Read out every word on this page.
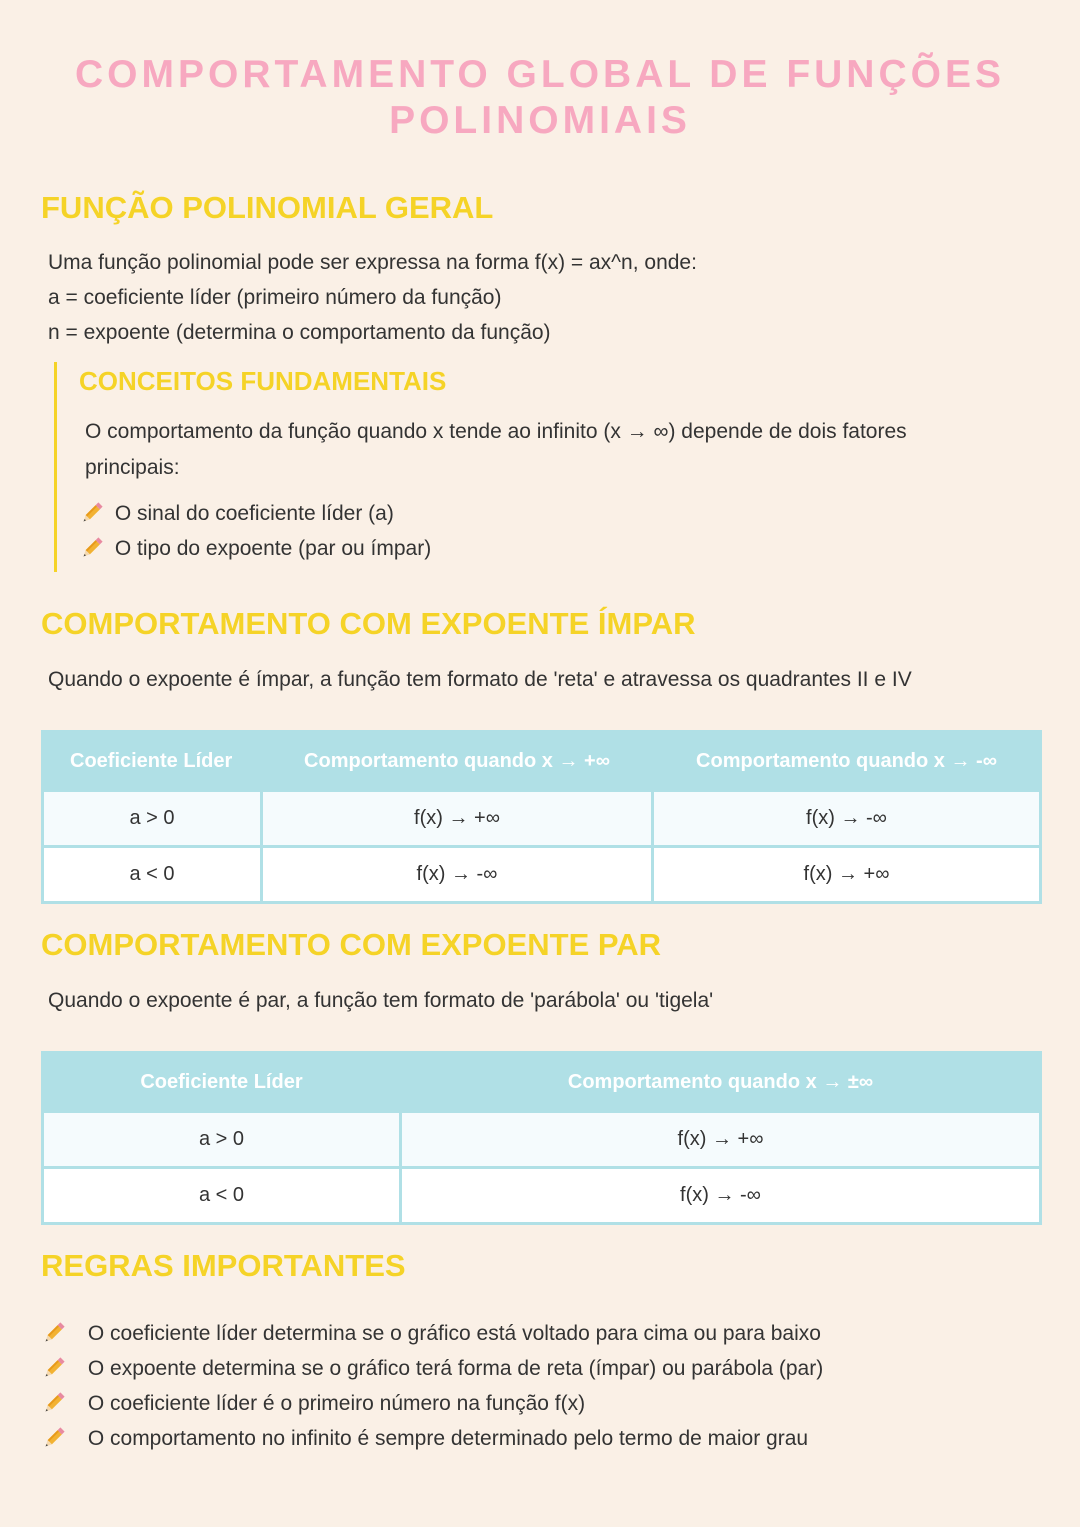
COMPORTAMENTO GLOBAL DE FUNÇÕES
POLINOMIAIS
FUNÇÃO POLINOMIAL GERAL
Uma função polinomial pode ser expressa na forma f(x) = ax^n, onde:
a = coeficiente líder (primeiro número da função)
n = expoente (determina o comportamento da função)
CONCEITOS FUNDAMENTAIS
O comportamento da função quando x tende ao infinito (x → ∞) depende de dois fatores principais:
O sinal do coeficiente líder (a)
O tipo do expoente (par ou ímpar)
COMPORTAMENTO COM EXPOENTE ÍMPAR
Quando o expoente é ímpar, a função tem formato de 'reta' e atravessa os quadrantes II e IV
Coeficiente Líder	Comportamento quando x → +∞	Comportamento quando x → -∞
a > 0	f(x) → +∞	f(x) → -∞
a < 0	f(x) → -∞	f(x) → +∞
COMPORTAMENTO COM EXPOENTE PAR
Quando o expoente é par, a função tem formato de 'parábola' ou 'tigela'
Coeficiente Líder	Comportamento quando x → ±∞
a > 0	f(x) → +∞
a < 0	f(x) → -∞
REGRAS IMPORTANTES
O coeficiente líder determina se o gráfico está voltado para cima ou para baixo
O expoente determina se o gráfico terá forma de reta (ímpar) ou parábola (par)
O coeficiente líder é o primeiro número na função f(x)
O comportamento no infinito é sempre determinado pelo termo de maior grau
